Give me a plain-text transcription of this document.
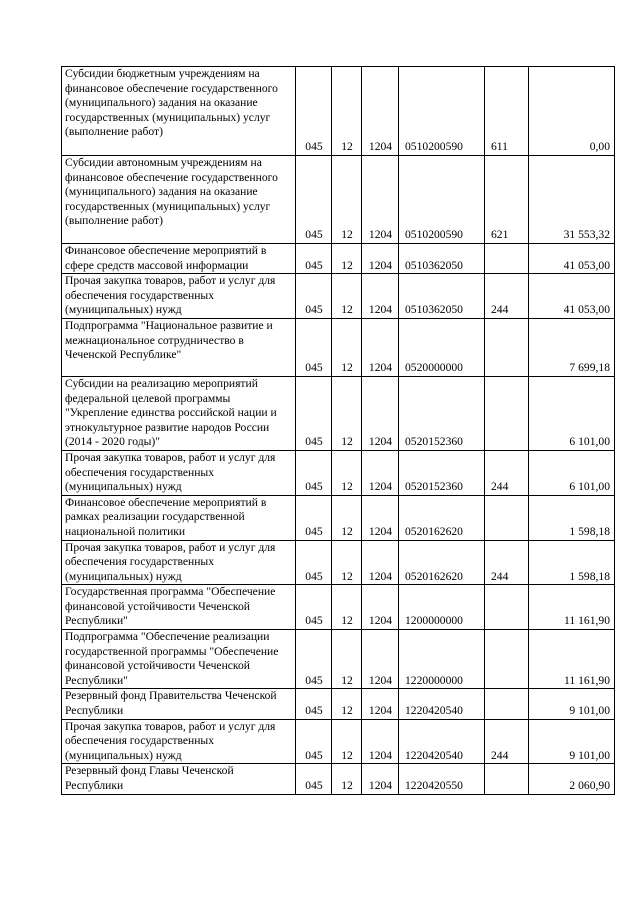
Субсидии бюджетным учреждениям на финансовое обеспечение государственного (муниципального) задания на оказание государственных (муниципальных) услуг (выполнение работ)	045	12	1204	0510200590	611	0,00
Субсидии автономным учреждениям на финансовое обеспечение государственного (муниципального) задания на оказание государственных (муниципальных) услуг (выполнение работ)	045	12	1204	0510200590	621	31 553,32
Финансовое обеспечение мероприятий в сфере средств массовой информации	045	12	1204	0510362050		41 053,00
Прочая закупка товаров, работ и услуг для обеспечения государственных (муниципальных) нужд	045	12	1204	0510362050	244	41 053,00
Подпрограмма "Национальное развитие и межнациональное сотрудничество в Чеченской Республике"	045	12	1204	0520000000		7 699,18
Субсидии на реализацию мероприятий федеральной целевой программы "Укрепление единства российской нации и этнокультурное развитие народов России (2014 - 2020 годы)"	045	12	1204	0520152360		6 101,00
Прочая закупка товаров, работ и услуг для обеспечения государственных (муниципальных) нужд	045	12	1204	0520152360	244	6 101,00
Финансовое обеспечение мероприятий в рамках реализации государственной национальной политики	045	12	1204	0520162620		1 598,18
Прочая закупка товаров, работ и услуг для обеспечения государственных (муниципальных) нужд	045	12	1204	0520162620	244	1 598,18
Государственная программа "Обеспечение финансовой устойчивости Чеченской Республики"	045	12	1204	1200000000		11 161,90
Подпрограмма "Обеспечение реализации государственной программы "Обеспечение финансовой устойчивости Чеченской Республики"	045	12	1204	1220000000		11 161,90
Резервный фонд Правительства Чеченской Республики	045	12	1204	1220420540		9 101,00
Прочая закупка товаров, работ и услуг для обеспечения государственных (муниципальных) нужд	045	12	1204	1220420540	244	9 101,00
Резервный фонд Главы Чеченской Республики	045	12	1204	1220420550		2 060,90
